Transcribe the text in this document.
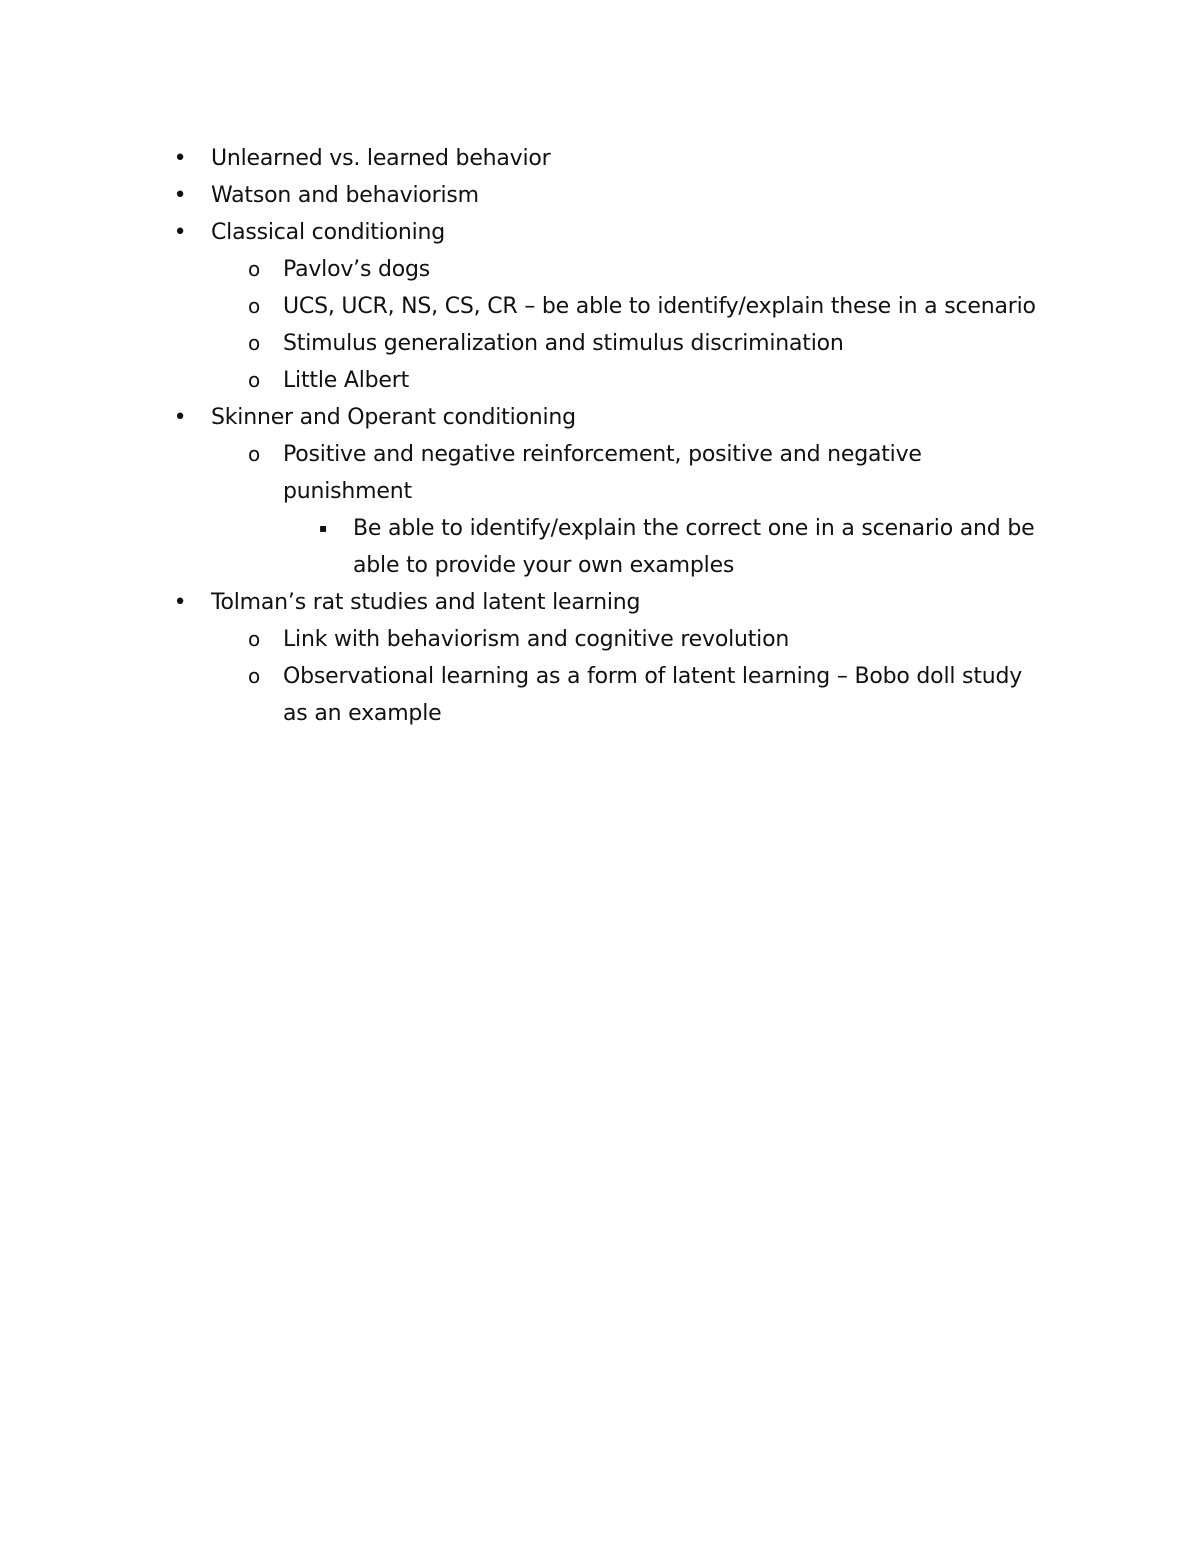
• Unlearned vs. learned behavior
• Watson and behaviorism
• Classical conditioning
o Pavlov’s dogs
o UCS, UCR, NS, CS, CR – be able to identify/explain these in a scenario
o Stimulus generalization and stimulus discrimination
o Little Albert
• Skinner and Operant conditioning
o Positive and negative reinforcement, positive and negative punishment
▪	Be able to identify/explain the correct one in a scenario and be able to provide your own examples
• Tolman’s rat studies and latent learning
o Link with behaviorism and cognitive revolution
o Observational learning as a form of latent learning – Bobo doll study as an example
